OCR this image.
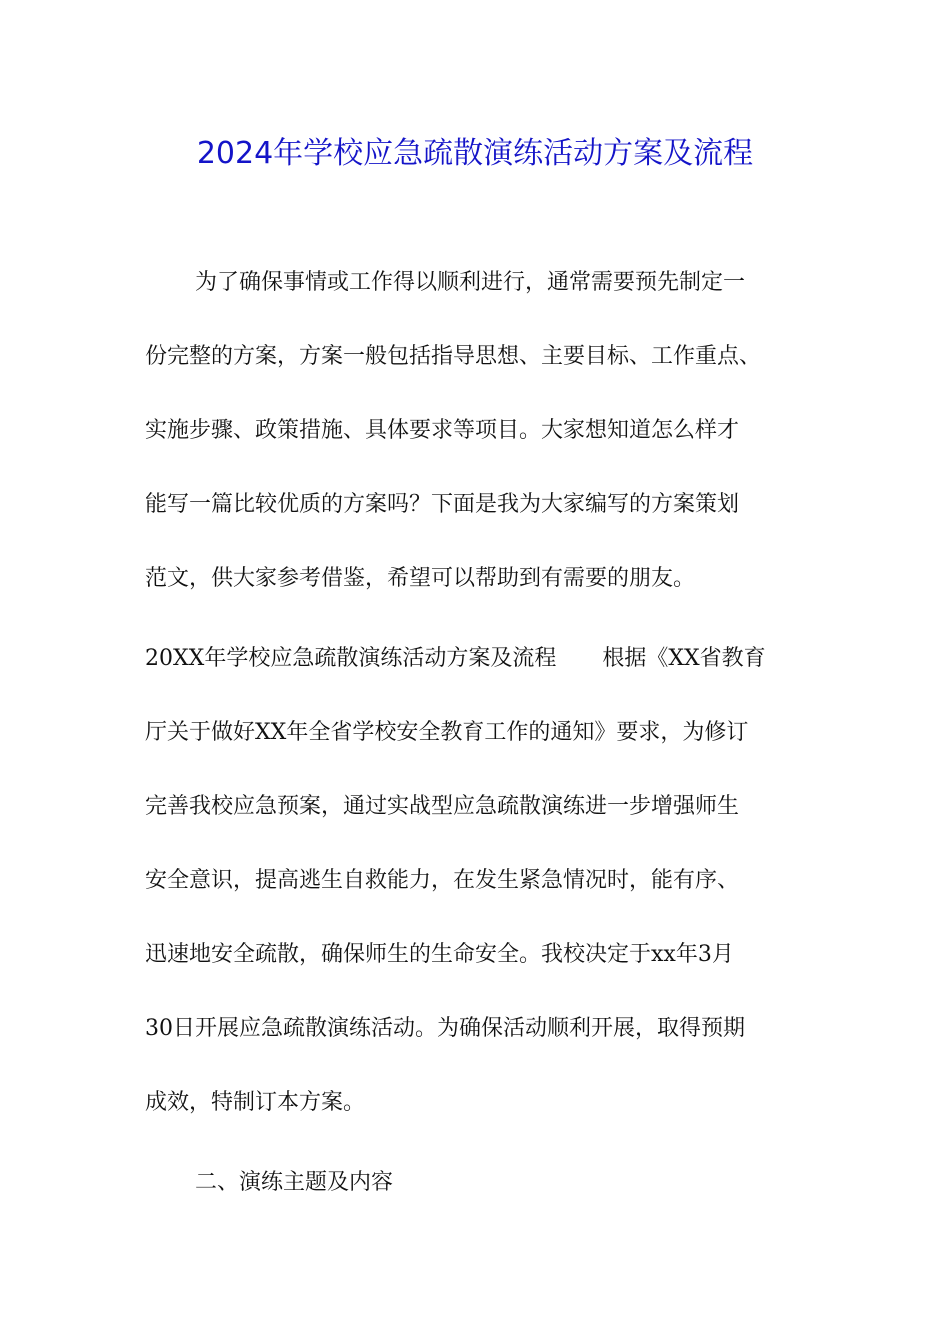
2024年学校应急疏散演练活动方案及流程
为了确保事情或工作得以顺利进行，通常需要预先制定一
份完整的方案，方案一般包括指导思想、主要目标、工作重点、
实施步骤、政策措施、具体要求等项目。大家想知道怎么样才
能写一篇比较优质的方案吗？下面是我为大家编写的方案策划
范文，供大家参考借鉴，希望可以帮助到有需要的朋友。
20XX年学校应急疏散演练活动方案及流程 根据《XX省教育
厅关于做好XX年全省学校安全教育工作的通知》要求，为修订
完善我校应急预案，通过实战型应急疏散演练进一步增强师生
安全意识，提高逃生自救能力，在发生紧急情况时，能有序、
迅速地安全疏散，确保师生的生命安全。我校决定于xx年3月
30日开展应急疏散演练活动。为确保活动顺利开展，取得预期
成效，特制订本方案。
二、演练主题及内容
